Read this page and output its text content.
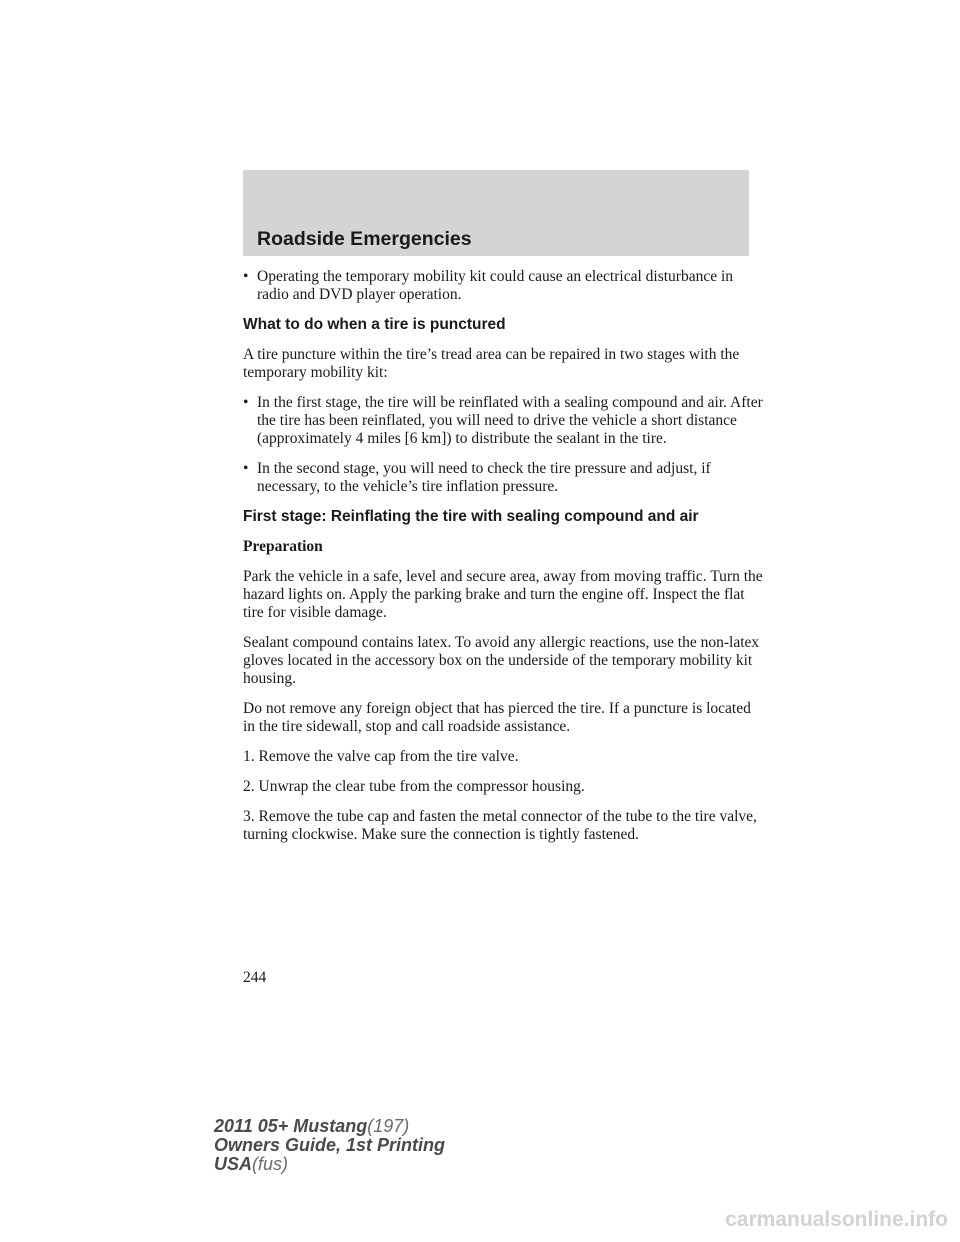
Roadside Emergencies
• Operating the temporary mobility kit could cause an electrical disturbance in radio and DVD player operation.
What to do when a tire is punctured

A tire puncture within the tire’s tread area can be repaired in two stages with the temporary mobility kit:

• In the first stage, the tire will be reinflated with a sealing compound and air. After the tire has been reinflated, you will need to drive the vehicle a short distance (approximately 4 miles [6 km]) to distribute the sealant in the tire.
• In the second stage, you will need to check the tire pressure and adjust, if necessary, to the vehicle’s tire inflation pressure.
First stage: Reinflating the tire with sealing compound and air
Preparation

Park the vehicle in a safe, level and secure area, away from moving traffic. Turn the hazard lights on. Apply the parking brake and turn the engine off. Inspect the flat tire for visible damage.

Sealant compound contains latex. To avoid any allergic reactions, use the non-latex gloves located in the accessory box on the underside of the temporary mobility kit housing.

Do not remove any foreign object that has pierced the tire. If a puncture is located in the tire sidewall, stop and call roadside assistance.

1. Remove the valve cap from the tire valve.

2. Unwrap the clear tube from the compressor housing.

3. Remove the tube cap and fasten the metal connector of the tube to the tire valve, turning clockwise. Make sure the connection is tightly fastened.

244
2011 05+ Mustang(197)
Owners Guide, 1st Printing
USA(fus)
carmanualsonline.info
